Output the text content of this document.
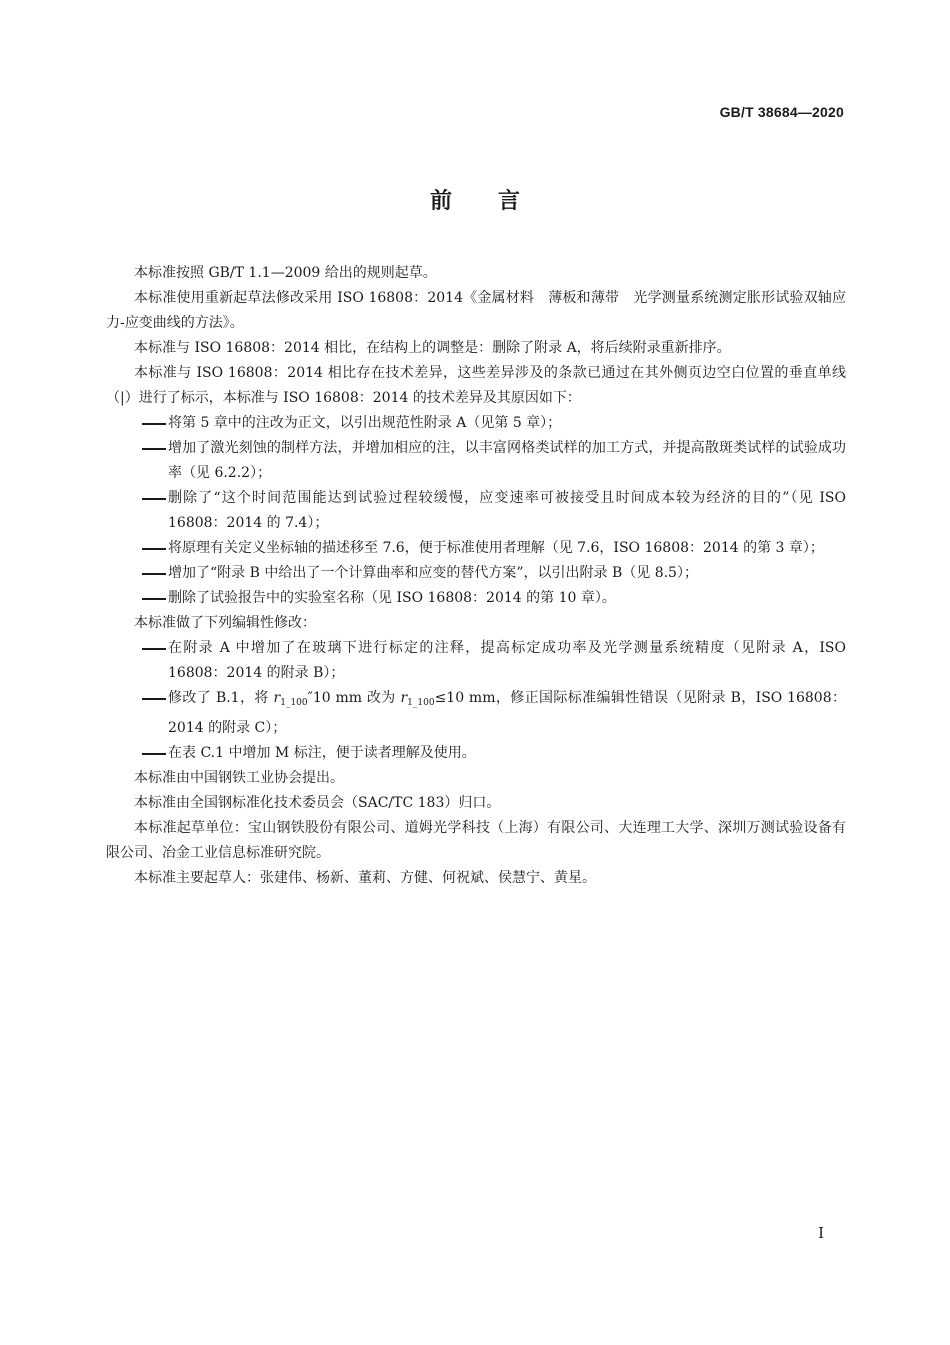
GB/T 38684—2020
前言

本标准按照 GB/T 1.1—2009 给出的规则起草。

本标准使用重新起草法修改采用 ISO 16808：2014《金属材料　薄板和薄带　光学测量系统测定胀形试验双轴应力-应变曲线的方法》。

本标准与 ISO 16808：2014 相比，在结构上的调整是：删除了附录 A，将后续附录重新排序。

本标准与 ISO 16808：2014 相比存在技术差异，这些差异涉及的条款已通过在其外侧页边空白位置的垂直单线（|）进行了标示，本标准与 ISO 16808：2014 的技术差异及其原因如下：

将第 5 章中的注改为正文，以引出规范性附录 A（见第 5 章）；

增加了激光刻蚀的制样方法，并增加相应的注，以丰富网格类试样的加工方式，并提高散斑类试样的试验成功率（见 6.2.2）；

删除了“这个时间范围能达到试验过程较缓慢，应变速率可被接受且时间成本较为经济的目的”（见 ISO 16808：2014 的 7.4）；

将原理有关定义坐标轴的描述移至 7.6，便于标准使用者理解（见 7.6，ISO 16808：2014 的第 3 章）；

增加了“附录 B 中给出了一个计算曲率和应变的替代方案”，以引出附录 B（见 8.5）；

删除了试验报告中的实验室名称（见 ISO 16808：2014 的第 10 章）。

本标准做了下列编辑性修改：

在附录 A 中增加了在玻璃下进行标定的注释，提高标定成功率及光学测量系统精度（见附录 A，ISO 16808：2014 的附录 B）；

修改了 B.1，将 $r_{1\_100}''10$ mm 改为 $r_{1\_100}\le 10$ mm，修正国际标准编辑性错误（见附录 B，ISO 16808：2014 的附录 C）；

在表 C.1 中增加 M 标注，便于读者理解及使用。

本标准由中国钢铁工业协会提出。

本标准由全国钢标准化技术委员会（SAC/TC 183）归口。

本标准起草单位：宝山钢铁股份有限公司、道姆光学科技（上海）有限公司、大连理工大学、深圳万测试验设备有限公司、冶金工业信息标准研究院。

本标准主要起草人：张建伟、杨新、董莉、方健、何祝斌、侯慧宁、黄星。

I
